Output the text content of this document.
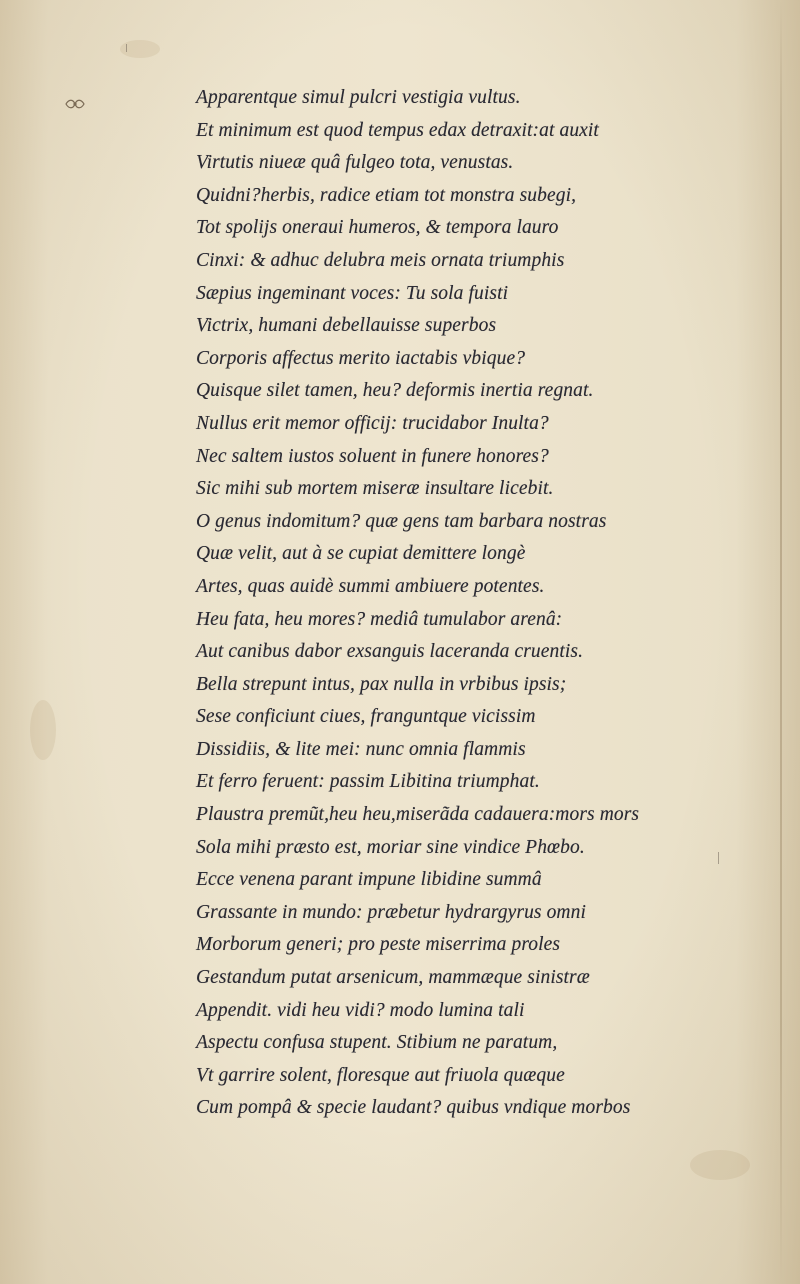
Apparentque simul pulcri vestigia vultus.
Et minimum est quod tempus edax detraxit:at auxit
Virtutis niueæ quâ fulgeo tota, venustas.
Quidni?herbis, radice etiam tot monstra subegi,
Tot spolijs oneraui humeros, & tempora lauro
Cinxi: & adhuc delubra meis ornata triumphis
Sæpius ingeminant voces: Tu sola fuisti
Victrix, humani debellauisse superbos
Corporis affectus merito iactabis vbique?
Quisque silet tamen, heu? deformis inertia regnat.
Nullus erit memor officij: trucidabor Inulta?
Nec saltem iustos soluent in funere honores?
Sic mihi sub mortem miseræ insultare licebit.
O genus indomitum? quæ gens tam barbara nostras
Quæ velit, aut à se cupiat demittere longè
Artes, quas auidè summi ambiuere potentes.
Heu fata, heu mores? mediâ tumulabor arenâ:
Aut canibus dabor exsanguis laceranda cruentis.
Bella strepunt intus, pax nulla in vrbibus ipsis;
Sese conficiunt ciues, franguntque vicissim
Dissidiis, & lite mei: nunc omnia flammis
Et ferro feruent: passim Libitina triumphat.
Plaustra premũt,heu heu,miserãda cadauera:mors mors
Sola mihi præsto est, moriar sine vindice Phœbo.
Ecce venena parant impune libidine summâ
Grassante in mundo: præbetur hydrargyrus omni
Morborum generi; pro peste miserrima proles
Gestandum putat arsenicum, mammæque sinistræ
Appendit. vidi heu vidi? modo lumina tali
Aspectu confusa stupent. Stibium ne paratum,
Vt garrire solent, floresque aut friuola quæque
Cum pompâ & specie laudant? quibus vndique morbos
